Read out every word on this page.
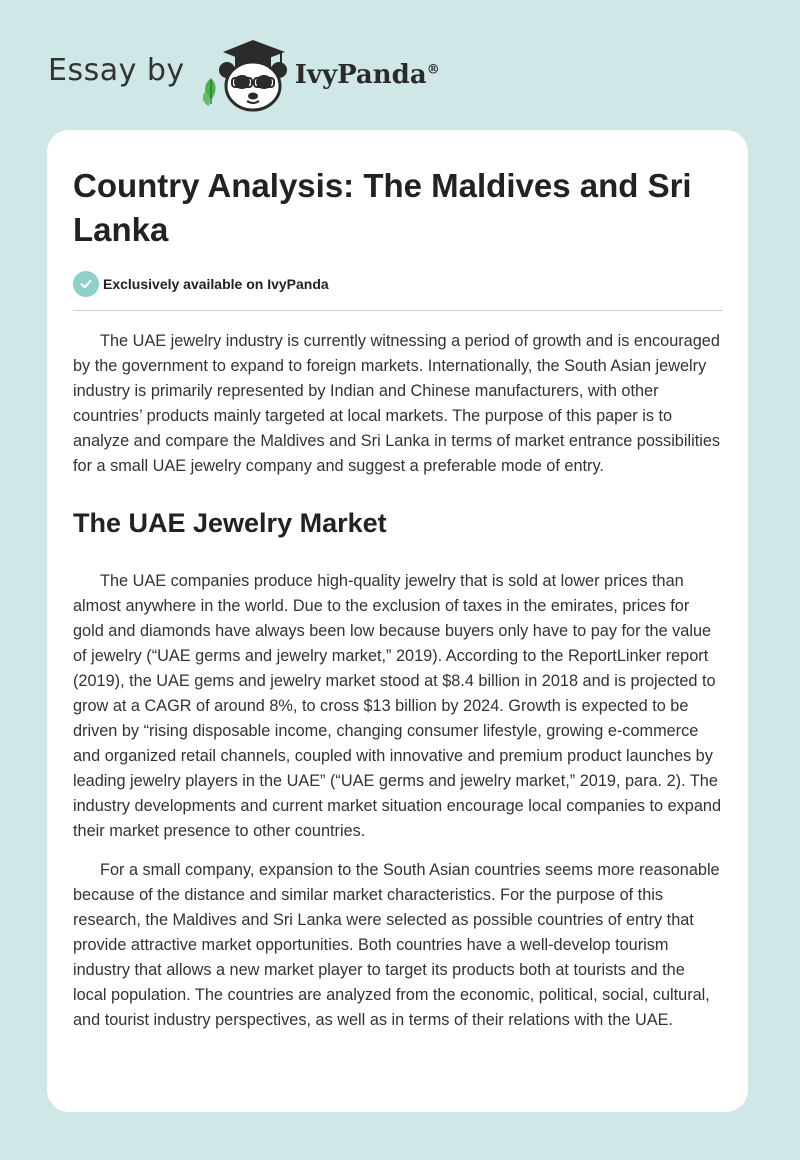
Essay by	IvyPanda®
Country Analysis: The Maldives and Sri Lanka
Exclusively available on IvyPanda

The UAE jewelry industry is currently witnessing a period of growth and is encouraged by the government to expand to foreign markets. Internationally, the South Asian jewelry industry is primarily represented by Indian and Chinese manufacturers, with other countries’ products mainly targeted at local markets. The purpose of this paper is to analyze and compare the Maldives and Sri Lanka in terms of market entrance possibilities for a small UAE jewelry company and suggest a preferable mode of entry.

The UAE Jewelry Market

The UAE companies produce high-quality jewelry that is sold at lower prices than almost anywhere in the world. Due to the exclusion of taxes in the emirates, prices for gold and diamonds have always been low because buyers only have to pay for the value of jewelry (“UAE germs and jewelry market,” 2019). According to the ReportLinker report (2019), the UAE gems and jewelry market stood at $8.4 billion in 2018 and is projected to grow at a CAGR of around 8%, to cross $13 billion by 2024. Growth is expected to be driven by “rising disposable income, changing consumer lifestyle, growing e-commerce and organized retail channels, coupled with innovative and premium product launches by leading jewelry players in the UAE” (“UAE germs and jewelry market,” 2019, para. 2). The industry developments and current market situation encourage local companies to expand their market presence to other countries.

For a small company, expansion to the South Asian countries seems more reasonable because of the distance and similar market characteristics. For the purpose of this research, the Maldives and Sri Lanka were selected as possible countries of entry that provide attractive market opportunities. Both countries have a well-develop tourism industry that allows a new market player to target its products both at tourists and the local population. The countries are analyzed from the economic, political, social, cultural, and tourist industry perspectives, as well as in terms of their relations with the UAE.
